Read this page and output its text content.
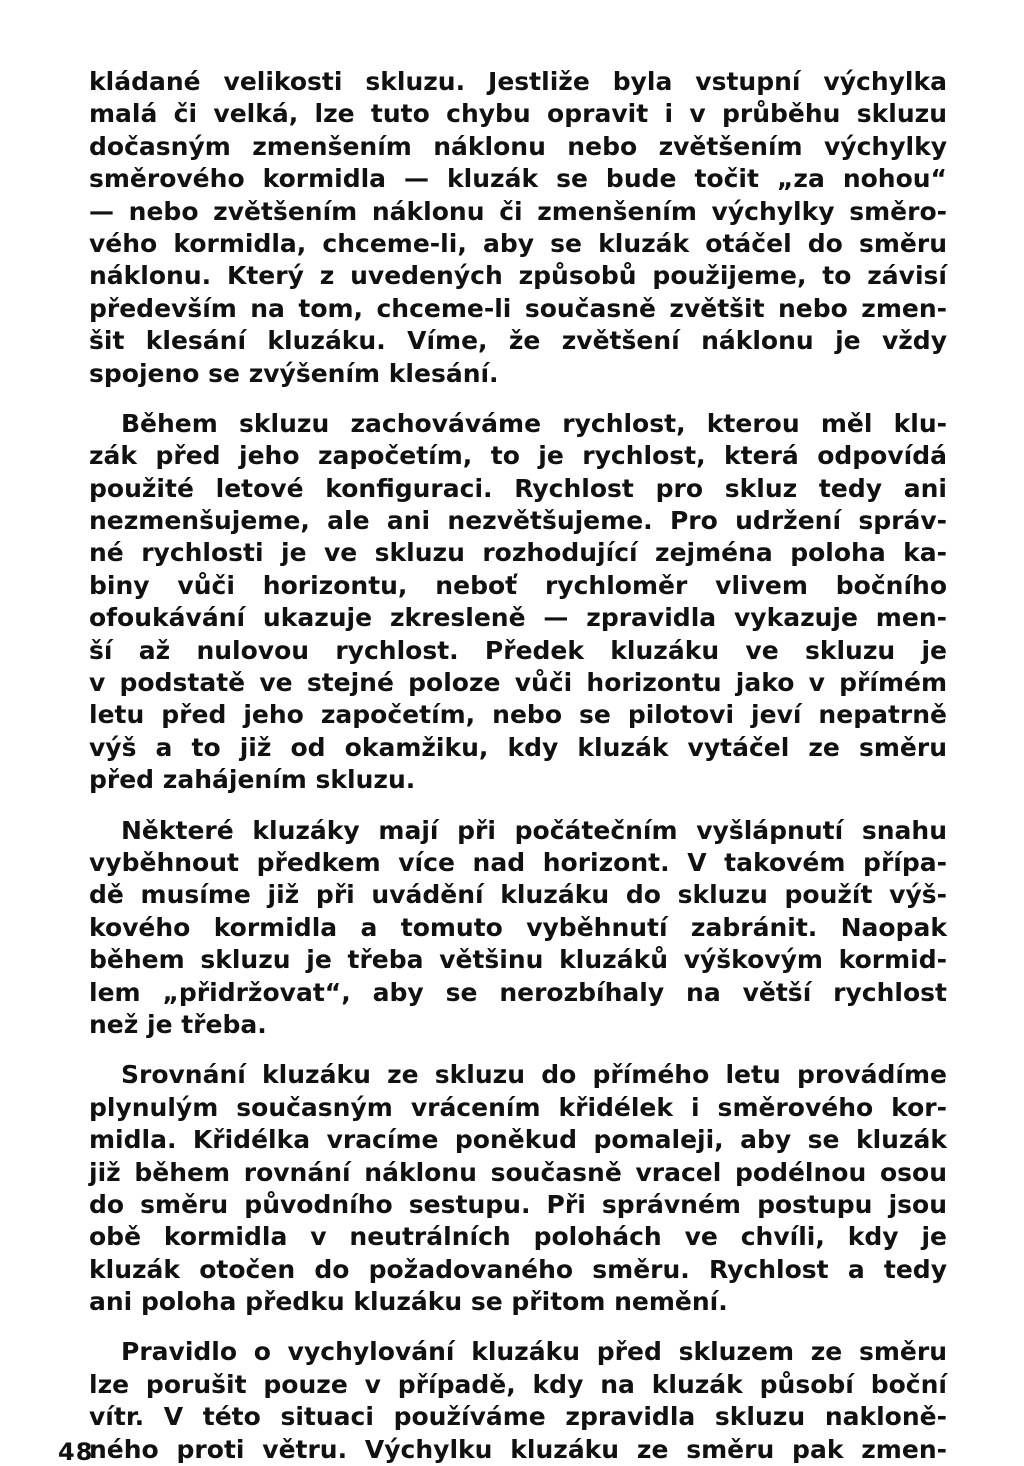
kládané velikosti skluzu. Jestliže byla vstupní výchylka
malá či velká, lze tuto chybu opravit i v průběhu skluzu
dočasným zmenšením náklonu nebo zvětšením výchylky
směrového kormidla — kluzák se bude točit „za nohou“
— nebo zvětšením náklonu či zmenšením výchylky směro-
vého kormidla, chceme-li, aby se kluzák otáčel do směru
náklonu. Který z uvedených způsobů použijeme, to závisí
především na tom, chceme-li současně zvětšit nebo zmen-
šit klesání kluzáku. Víme, že zvětšení náklonu je vždy
spojeno se zvýšením klesání.
Během skluzu zachováváme rychlost, kterou měl klu-
zák před jeho započetím, to je rychlost, která odpovídá
použité letové konfiguraci. Rychlost pro skluz tedy ani
nezmenšujeme, ale ani nezvětšujeme. Pro udržení správ-
né rychlosti je ve skluzu rozhodující zejména poloha ka-
biny vůči horizontu, neboť rychloměr vlivem bočního
ofoukávání ukazuje zkresleně — zpravidla vykazuje men-
ší až nulovou rychlost. Předek kluzáku ve skluzu je
v podstatě ve stejné poloze vůči horizontu jako v přímém
letu před jeho započetím, nebo se pilotovi jeví nepatrně
výš a to již od okamžiku, kdy kluzák vytáčel ze směru
před zahájením skluzu.
Některé kluzáky mají při počátečním vyšlápnutí snahu
vyběhnout předkem více nad horizont. V takovém přípa-
dě musíme již při uvádění kluzáku do skluzu použít výš-
kového kormidla a tomuto vyběhnutí zabránit. Naopak
během skluzu je třeba většinu kluzáků výškovým kormid-
lem „přidržovat“, aby se nerozbíhaly na větší rychlost
než je třeba.
Srovnání kluzáku ze skluzu do přímého letu provádíme
plynulým současným vrácením křidélek i směrového kor-
midla. Křidélka vracíme poněkud pomaleji, aby se kluzák
již během rovnání náklonu současně vracel podélnou osou
do směru původního sestupu. Při správném postupu jsou
obě kormidla v neutrálních polohách ve chvíli, kdy je
kluzák otočen do požadovaného směru. Rychlost a tedy
ani poloha předku kluzáku se přitom nemění.
Pravidlo o vychylování kluzáku před skluzem ze směru
lze porušit pouze v případě, kdy na kluzák působí boční
vítr. V této situaci používáme zpravidla skluzu nakloně-
ného proti větru. Výchylku kluzáku ze směru pak zmen-
48
